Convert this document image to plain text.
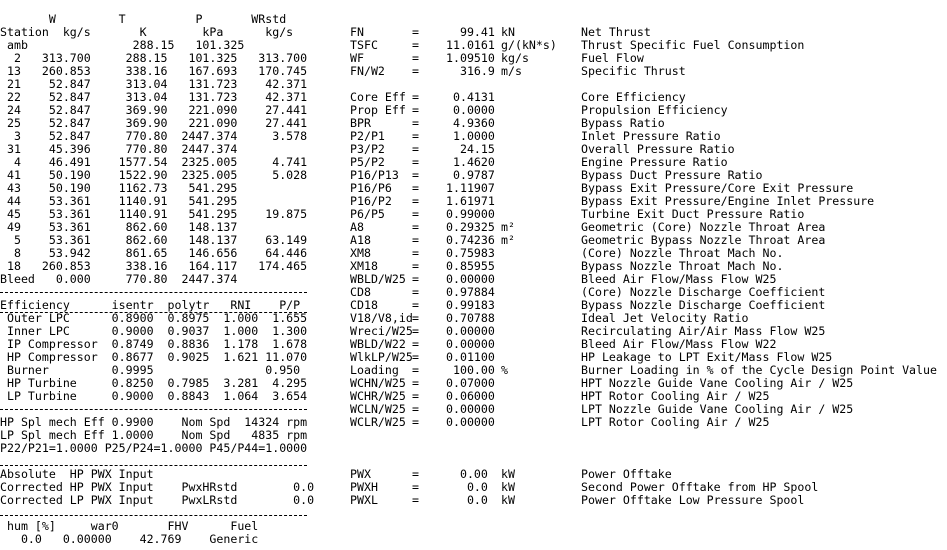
W         T          P       WRstd
Station  kg/s       K        kPa      kg/s
amb               288.15   101.325
2   313.700     288.15   101.325   313.700
13   260.853     338.16   167.693   170.745
21    52.847     313.04   131.723    42.371
22    52.847     313.04   131.723    42.371
24    52.847     369.90   221.090    27.441
25    52.847     369.90   221.090    27.441
3    52.847     770.80  2447.374     3.578
31    45.396     770.80  2447.374
4    46.491    1577.54  2325.005     4.741
41    50.190    1522.90  2325.005     5.028
43    50.190    1162.73   541.295
44    53.361    1140.91   541.295
45    53.361    1140.91   541.295    19.875
49    53.361     862.60   148.137
5    53.361     862.60   148.137    63.149
8    53.942     861.65   146.656    64.446
18   260.853     338.16   164.117   174.465
Bleed   0.000     770.80  2447.374
Efficiency      isentr  polytr   RNI    P/P
Outer LPC      0.8900  0.8975  1.000  1.655
Inner LPC      0.9000  0.9037  1.000  1.300
IP Compressor  0.8749  0.8836  1.178  1.678
HP Compressor  0.8677  0.9025  1.621 11.070
Burner         0.9995                0.950
HP Turbine     0.8250  0.7985  3.281  4.295
LP Turbine     0.9000  0.8843  1.064  3.654
HP Spl mech Eff 0.9900    Nom Spd  14324 rpm
LP Spl mech Eff 1.0000    Nom Spd   4835 rpm
P22/P21=1.0000 P25/P24=1.0000 P45/P44=1.0000
Absolute  HP PWX Input
Corrected HP PWX Input    PwxHRstd        0.0
Corrected LP PWX Input    PwxLRstd        0.0
hum [%]     war0       FHV      Fuel
0.0   0.00000    42.769    Generic
FN	= 99.41 kN	Net Thrust
TSFC	= 11.0161 g/(kN*s) Thrust Specific Fuel Consumption
WF	= 1.09510 kg/s	Fuel Flow
FN/W2 = 316.9 m/s	Specific Thrust
Core Eff = 0.4131	Core Efficiency
Prop Eff = 0.0000	Propulsion Efficiency
BPR	= 4.9360	Bypass Ratio
P2/P1 = 1.0000	Inlet Pressure Ratio
P3/P2 = 24.15	Overall Pressure Ratio
P5/P2 = 1.4620	Engine Pressure Ratio
P16/P13 = 0.9787	Bypass Duct Pressure Ratio
P16/P6 = 1.11907	Bypass Exit Pressure/Core Exit Pressure
P16/P2 = 1.61971	Bypass Exit Pressure/Engine Inlet Pressure
P6/P5 = 0.99000	Turbine Exit Duct Pressure Ratio
A8	= 0.29325 m²	Geometric (Core) Nozzle Throat Area
A18	= 0.74236 m²	Geometric Bypass Nozzle Throat Area
XM8	= 0.75983	(Core) Nozzle Throat Mach No.
XM18	= 0.85955	Bypass Nozzle Throat Mach No.
WBLD/W25 = 0.00000	Bleed Air Flow/Mass Flow W25
CD8	= 0.97884	(Core) Nozzle Discharge Coefficient
CD18	= 0.99183	Bypass Nozzle Discharge Coefficient
V18/V8,id = 0.70788	Ideal Jet Velocity Ratio
Wreci/W25 = 0.00000	Recirculating Air/Air Mass Flow W25
WBLD/W22 = 0.00000	Bleed Air Flow/Mass Flow W22
WlkLP/W25 = 0.01100	HP Leakage to LPT Exit/Mass Flow W25
Loading = 100.00 %	Burner Loading in % of the Cycle Design Point Value
WCHN/W25 = 0.07000	HPT Nozzle Guide Vane Cooling Air / W25
WCHR/W25 = 0.06000	HPT Rotor Cooling Air / W25
WCLN/W25 = 0.00000	LPT Nozzle Guide Vane Cooling Air / W25
WCLR/W25 = 0.00000	LPT Rotor Cooling Air / W25
PWX	= 0.00 kW	Power Offtake
PWXH	= 0.0 kW	Second Power Offtake from HP Spool
PWXL	= 0.0 kW	Power Offtake Low Pressure Spool
